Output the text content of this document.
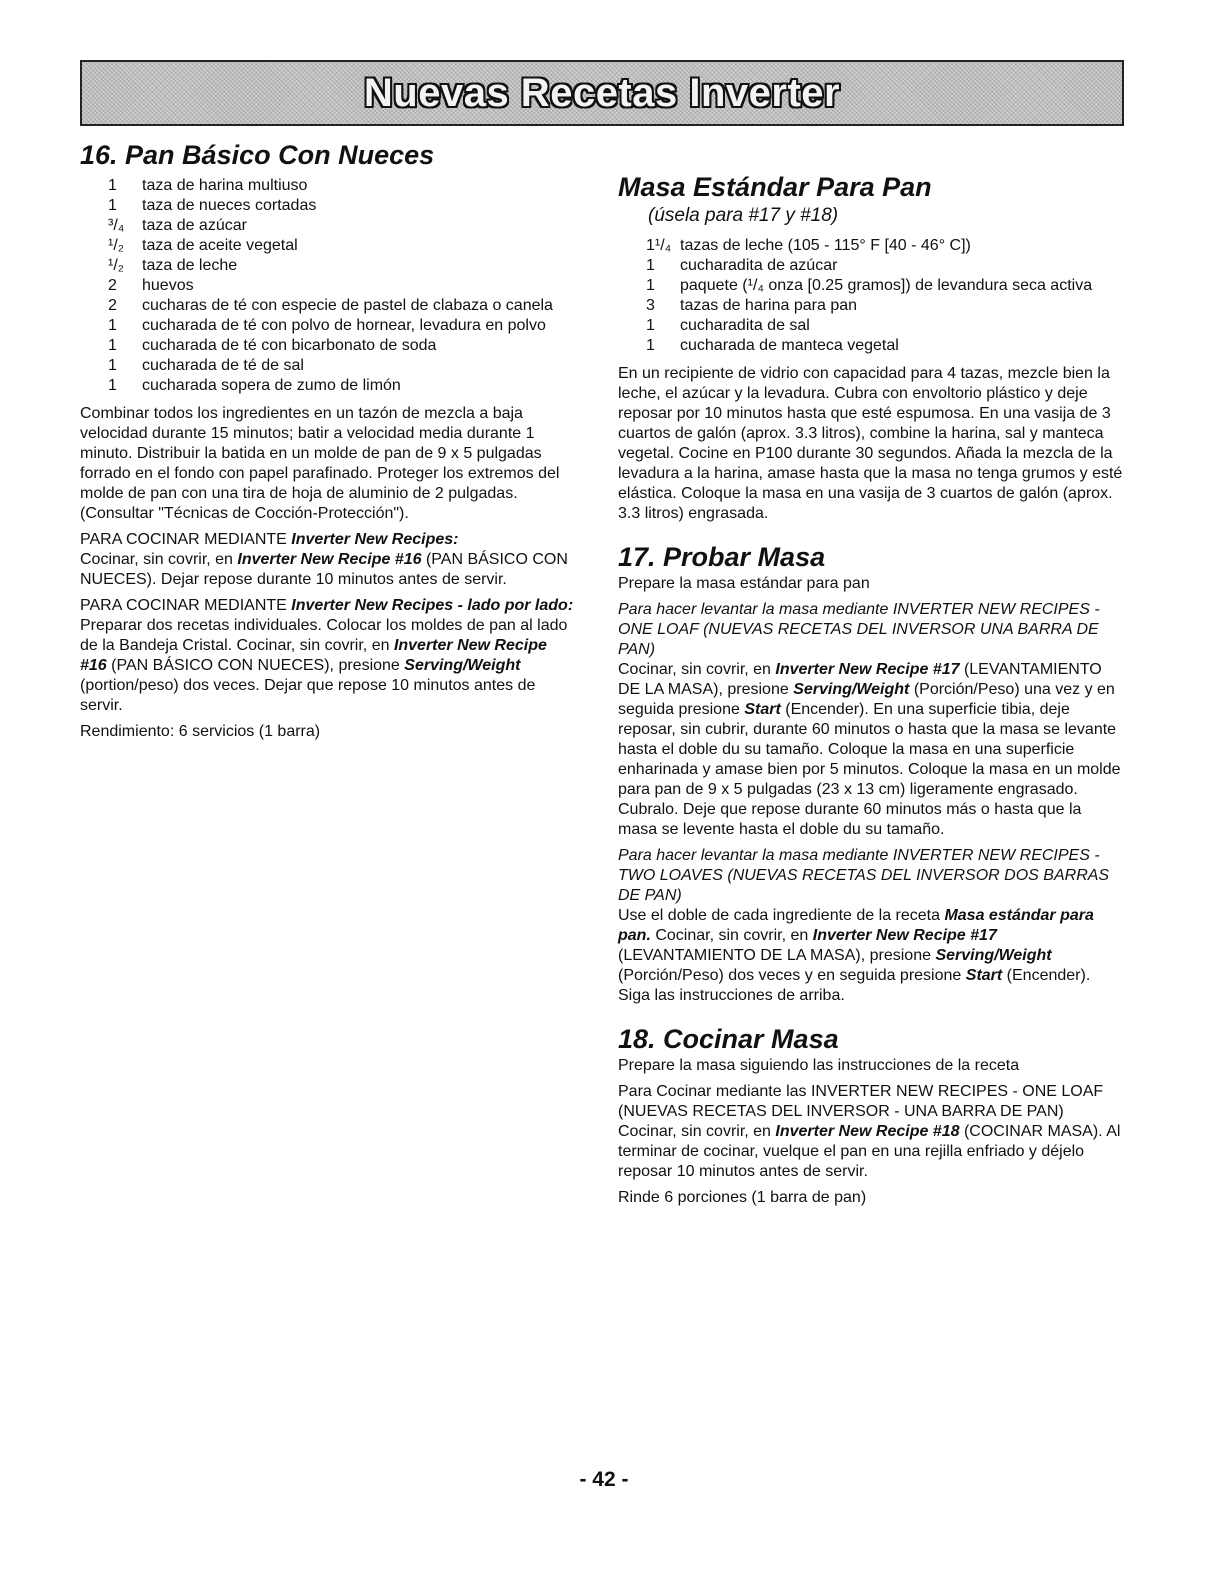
Nuevas Recetas Inverter
16. Pan Básico Con Nueces
1	taza de harina multiuso
1	taza de nueces cortadas
³/₄	taza de azúcar
¹/₂	taza de aceite vegetal
¹/₂	taza de leche
2	huevos
2	cucharas de té con especie de pastel de clabaza o canela
1	cucharada de té con polvo de hornear, levadura en polvo
1	cucharada de té con bicarbonato de soda
1	cucharada de té de sal
1	cucharada sopera de zumo de limón

Combinar todos los ingredientes en un tazón de mezcla a baja velocidad durante 15 minutos; batir a velocidad media durante 1 minuto. Distribuir la batida en un molde de pan de 9 x 5 pulgadas forrado en el fondo con papel parafinado. Proteger los extremos del molde de pan con una tira de hoja de aluminio de 2 pulgadas. (Consultar "Técnicas de Cocción-Protección").

PARA COCINAR MEDIANTE Inverter New Recipes:
Cocinar, sin covrir, en Inverter New Recipe #16 (PAN BÁSICO CON NUECES). Dejar repose durante 10 minutos antes de servir.

PARA COCINAR MEDIANTE Inverter New Recipes - lado por lado:
Preparar dos recetas individuales. Colocar los moldes de pan al lado de la Bandeja Cristal. Cocinar, sin covrir, en Inverter New Recipe #16 (PAN BÁSICO CON NUECES), presione Serving/Weight (portion/peso) dos veces. Dejar que repose 10 minutos antes de servir.

Rendimiento: 6 servicios (1 barra)

Masa Estándar Para Pan
(úsela para #17 y #18)
1¹/₄ tazas de leche (105 - 115° F [40 - 46° C])
1	cucharadita de azúcar
1	paquete (¹/₄ onza [0.25 gramos]) de levandura seca activa
3	tazas de harina para pan
1	cucharadita de sal
1	cucharada de manteca vegetal

En un recipiente de vidrio con capacidad para 4 tazas, mezcle bien la leche, el azúcar y la levadura. Cubra con envoltorio plástico y deje reposar por 10 minutos hasta que esté espumosa. En una vasija de 3 cuartos de galón (aprox. 3.3 litros), combine la harina, sal y manteca vegetal. Cocine en P100 durante 30 segundos. Añada la mezcla de la levadura a la harina, amase hasta que la masa no tenga grumos y esté elástica. Coloque la masa en una vasija de 3 cuartos de galón (aprox. 3.3 litros) engrasada.

17. Probar Masa

Prepare la masa estándar para pan

Para hacer levantar la masa mediante INVERTER NEW RECIPES - ONE LOAF (NUEVAS RECETAS DEL INVERSOR UNA BARRA DE PAN)
Cocinar, sin covrir, en Inverter New Recipe #17 (LEVANTAMIENTO DE LA MASA), presione Serving/Weight (Porción/Peso) una vez y en seguida presione Start (Encender). En una superficie tibia, deje reposar, sin cubrir, durante 60 minutos o hasta que la masa se levante hasta el doble du su tamaño. Coloque la masa en una superficie enharinada y amase bien por 5 minutos. Coloque la masa en un molde para pan de 9 x 5 pulgadas (23 x 13 cm) ligeramente engrasado. Cubralo. Deje que repose durante 60 minutos más o hasta que la masa se levente hasta el doble du su tamaño.

Para hacer levantar la masa mediante INVERTER NEW RECIPES - TWO LOAVES (NUEVAS RECETAS DEL INVERSOR DOS BARRAS DE PAN)
Use el doble de cada ingrediente de la receta Masa estándar para pan. Cocinar, sin covrir, en Inverter New Recipe #17 (LEVANTAMIENTO DE LA MASA), presione Serving/Weight (Porción/Peso) dos veces y en seguida presione Start (Encender). Siga las instrucciones de arriba.

18. Cocinar Masa

Prepare la masa siguiendo las instrucciones de la receta

Para Cocinar mediante las INVERTER NEW RECIPES - ONE LOAF (NUEVAS RECETAS DEL INVERSOR - UNA BARRA DE PAN)
Cocinar, sin covrir, en Inverter New Recipe #18 (COCINAR MASA). Al terminar de cocinar, vuelque el pan en una rejilla enfriado y déjelo reposar 10 minutos antes de servir.

Rinde 6 porciones (1 barra de pan)

- 42 -
